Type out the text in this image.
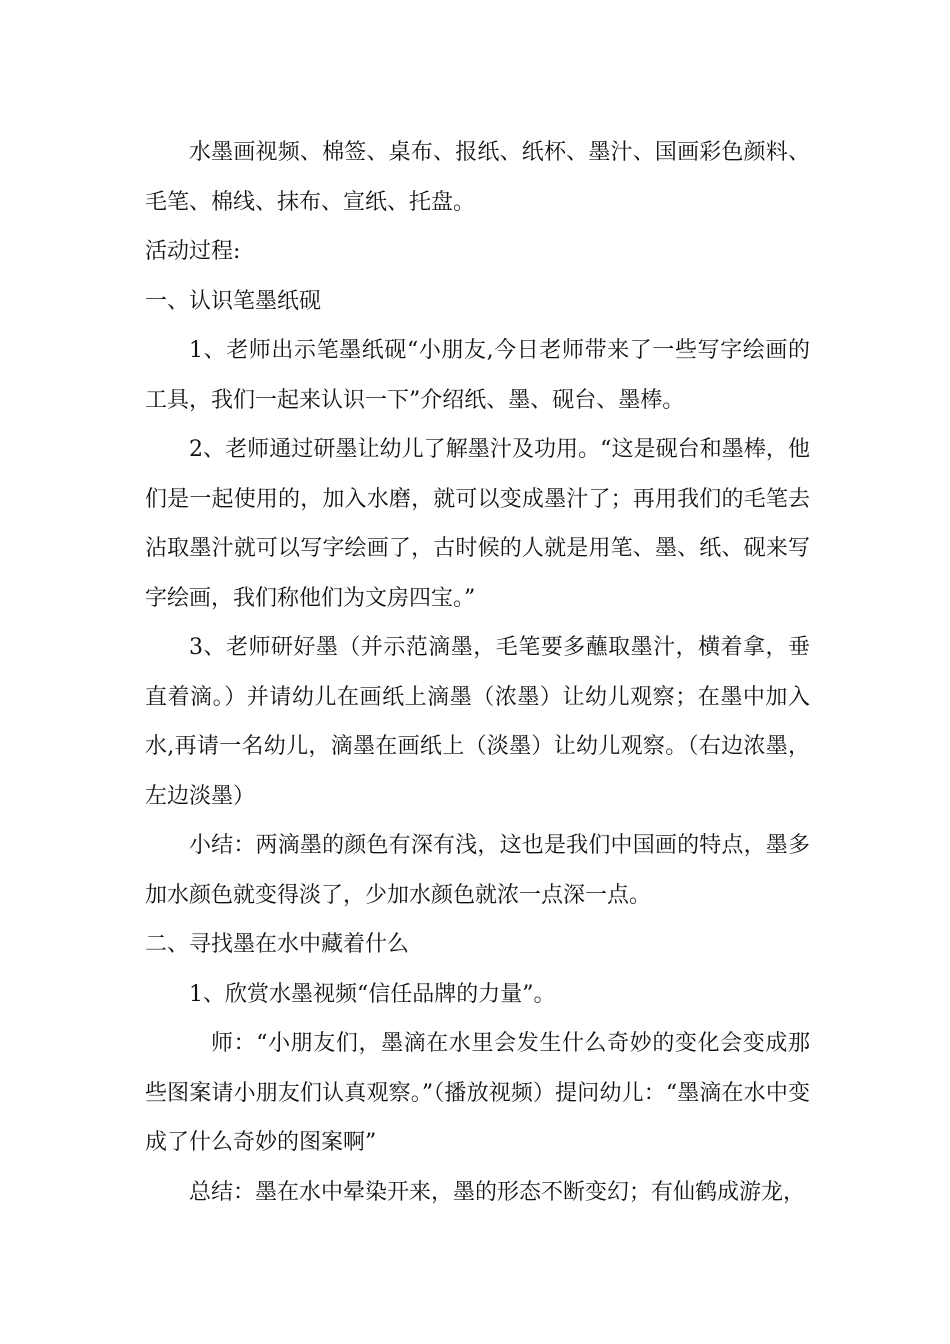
水墨画视频、棉签、桌布、报纸、纸杯、墨汁、国画彩色颜料、毛笔、棉线、抹布、宣纸、托盘。

活动过程:

一、认识笔墨纸砚

1、老师出示笔墨纸砚“小朋友,今日老师带来了一些写字绘画的工具，我们一起来认识一下”介绍纸、墨、砚台、墨棒。

2、老师通过研墨让幼儿了解墨汁及功用。“这是砚台和墨棒，他们是一起使用的，加入水磨，就可以变成墨汁了；再用我们的毛笔去沾取墨汁就可以写字绘画了，古时候的人就是用笔、墨、纸、砚来写字绘画，我们称他们为文房四宝。”

3、老师研好墨（并示范滴墨，毛笔要多蘸取墨汁，横着拿，垂直着滴。）并请幼儿在画纸上滴墨（浓墨）让幼儿观察；在墨中加入水,再请一名幼儿，滴墨在画纸上（淡墨）让幼儿观察。（右边浓墨，左边淡墨）

小结：两滴墨的颜色有深有浅，这也是我们中国画的特点，墨多加水颜色就变得淡了，少加水颜色就浓一点深一点。

二、寻找墨在水中藏着什么

1、欣赏水墨视频“信任品牌的力量”。

师：“小朋友们，墨滴在水里会发生什么奇妙的变化会变成那些图案请小朋友们认真观察。”（播放视频）提问幼儿：“墨滴在水中变成了什么奇妙的图案啊”

总结：墨在水中晕染开来，墨的形态不断变幻；有仙鹤成游龙，
